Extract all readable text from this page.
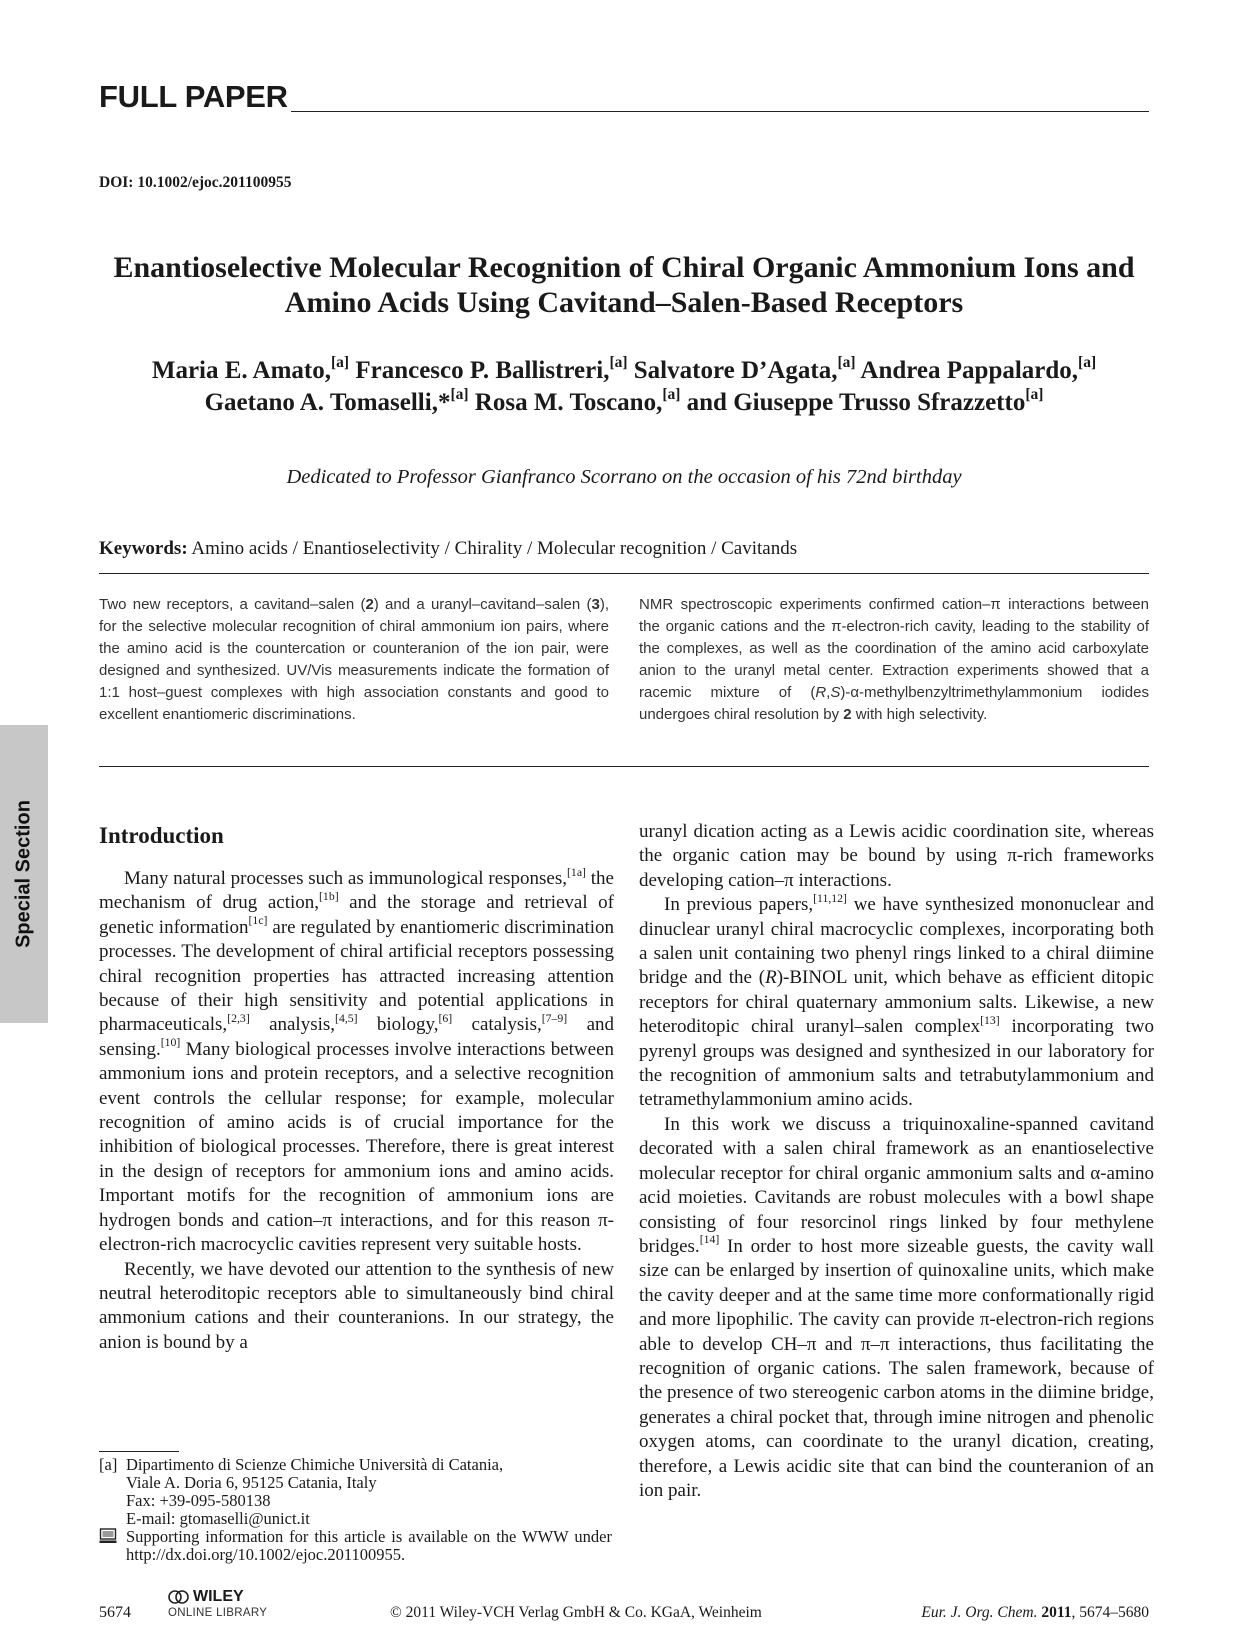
FULL PAPER
DOI: 10.1002/ejoc.201100955
Enantioselective Molecular Recognition of Chiral Organic Ammonium Ions and
Amino Acids Using Cavitand–Salen-Based Receptors
Maria E. Amato,[a] Francesco P. Ballistreri,[a] Salvatore D’Agata,[a] Andrea Pappalardo,[a]
Gaetano A. Tomaselli,*[a] Rosa M. Toscano,[a] and Giuseppe Trusso Sfrazzetto[a]
Dedicated to Professor Gianfranco Scorrano on the occasion of his 72nd birthday
Keywords: Amino acids / Enantioselectivity / Chirality / Molecular recognition / Cavitands
Two new receptors, a cavitand–salen (2) and a uranyl–cavitand–salen (3), for the selective molecular recognition of chiral ammonium ion pairs, where the amino acid is the countercation or counteranion of the ion pair, were designed and synthesized. UV/Vis measurements indicate the formation of 1:1 host–guest complexes with high association constants and good to excellent enantiomeric discriminations.
NMR spectroscopic experiments confirmed cation–π interactions between the organic cations and the π-electron-rich cavity, leading to the stability of the complexes, as well as the coordination of the amino acid carboxylate anion to the uranyl metal center. Extraction experiments showed that a racemic mixture of (R,S)-α-methylbenzyltrimethylammonium iodides undergoes chiral resolution by 2 with high selectivity.
Special Section	Introduction

Many natural processes such as immunological responses,[1a] the mechanism of drug action,[1b] and the storage and retrieval of genetic information[1c] are regulated by enantiomeric discrimination processes. The development of chiral artificial receptors possessing chiral recognition properties has attracted increasing attention because of their high sensitivity and potential applications in pharmaceuticals,[2,3] analysis,[4,5] biology,[6] catalysis,[7–9] and sensing.[10] Many biological processes involve interactions between ammonium ions and protein receptors, and a selective recognition event controls the cellular response; for example, molecular recognition of amino acids is of crucial importance for the inhibition of biological processes. Therefore, there is great interest in the design of receptors for ammonium ions and amino acids. Important motifs for the recognition of ammonium ions are hydrogen bonds and cation–π interactions, and for this reason π-electron-rich macrocyclic cavities represent very suitable hosts.

Recently, we have devoted our attention to the synthesis of new neutral heteroditopic receptors able to simultaneously bind chiral ammonium cations and their counteranions. In our strategy, the anion is bound by a

uranyl dication acting as a Lewis acidic coordination site, whereas the organic cation may be bound by using π-rich frameworks developing cation–π interactions.

In previous papers,[11,12] we have synthesized mononuclear and dinuclear uranyl chiral macrocyclic complexes, incorporating both a salen unit containing two phenyl rings linked to a chiral diimine bridge and the (R)-BINOL unit, which behave as efficient ditopic receptors for chiral quaternary ammonium salts. Likewise, a new heteroditopic chiral uranyl–salen complex[13] incorporating two pyrenyl groups was designed and synthesized in our laboratory for the recognition of ammonium salts and tetrabutylammonium and tetramethylammonium amino acids.

In this work we discuss a triquinoxaline-spanned cavitand decorated with a salen chiral framework as an enantioselective molecular receptor for chiral organic ammonium salts and α-amino acid moieties. Cavitands are robust molecules with a bowl shape consisting of four resorcinol rings linked by four methylene bridges.[14] In order to host more sizeable guests, the cavity wall size can be enlarged by insertion of quinoxaline units, which make the cavity deeper and at the same time more conformationally rigid and more lipophilic. The cavity can provide π-electron-rich regions able to develop CH–π and π–π interactions, thus facilitating the recognition of organic cations. The salen framework, because of the presence of two stereogenic carbon atoms in the diimine bridge, generates a chiral pocket that, through imine nitrogen and phenolic oxygen atoms, can coordinate to the uranyl dication, creating, therefore, a Lewis acidic site that can bind the counteranion of an ion pair.

[a] Dipartimento di Scienze Chimiche Università di Catania,
Viale A. Doria 6, 95125 Catania, Italy
Fax: +39-095-580138
E-mail: gtomaselli@unict.it
Supporting information for this article is available on the WWW under http://dx.doi.org/10.1002/ejoc.201100955.
5674
WILEY
ONLINE LIBRARY	© 2011 Wiley-VCH Verlag GmbH & Co. KGaA, Weinheim	Eur. J. Org. Chem. 2011, 5674–5680
